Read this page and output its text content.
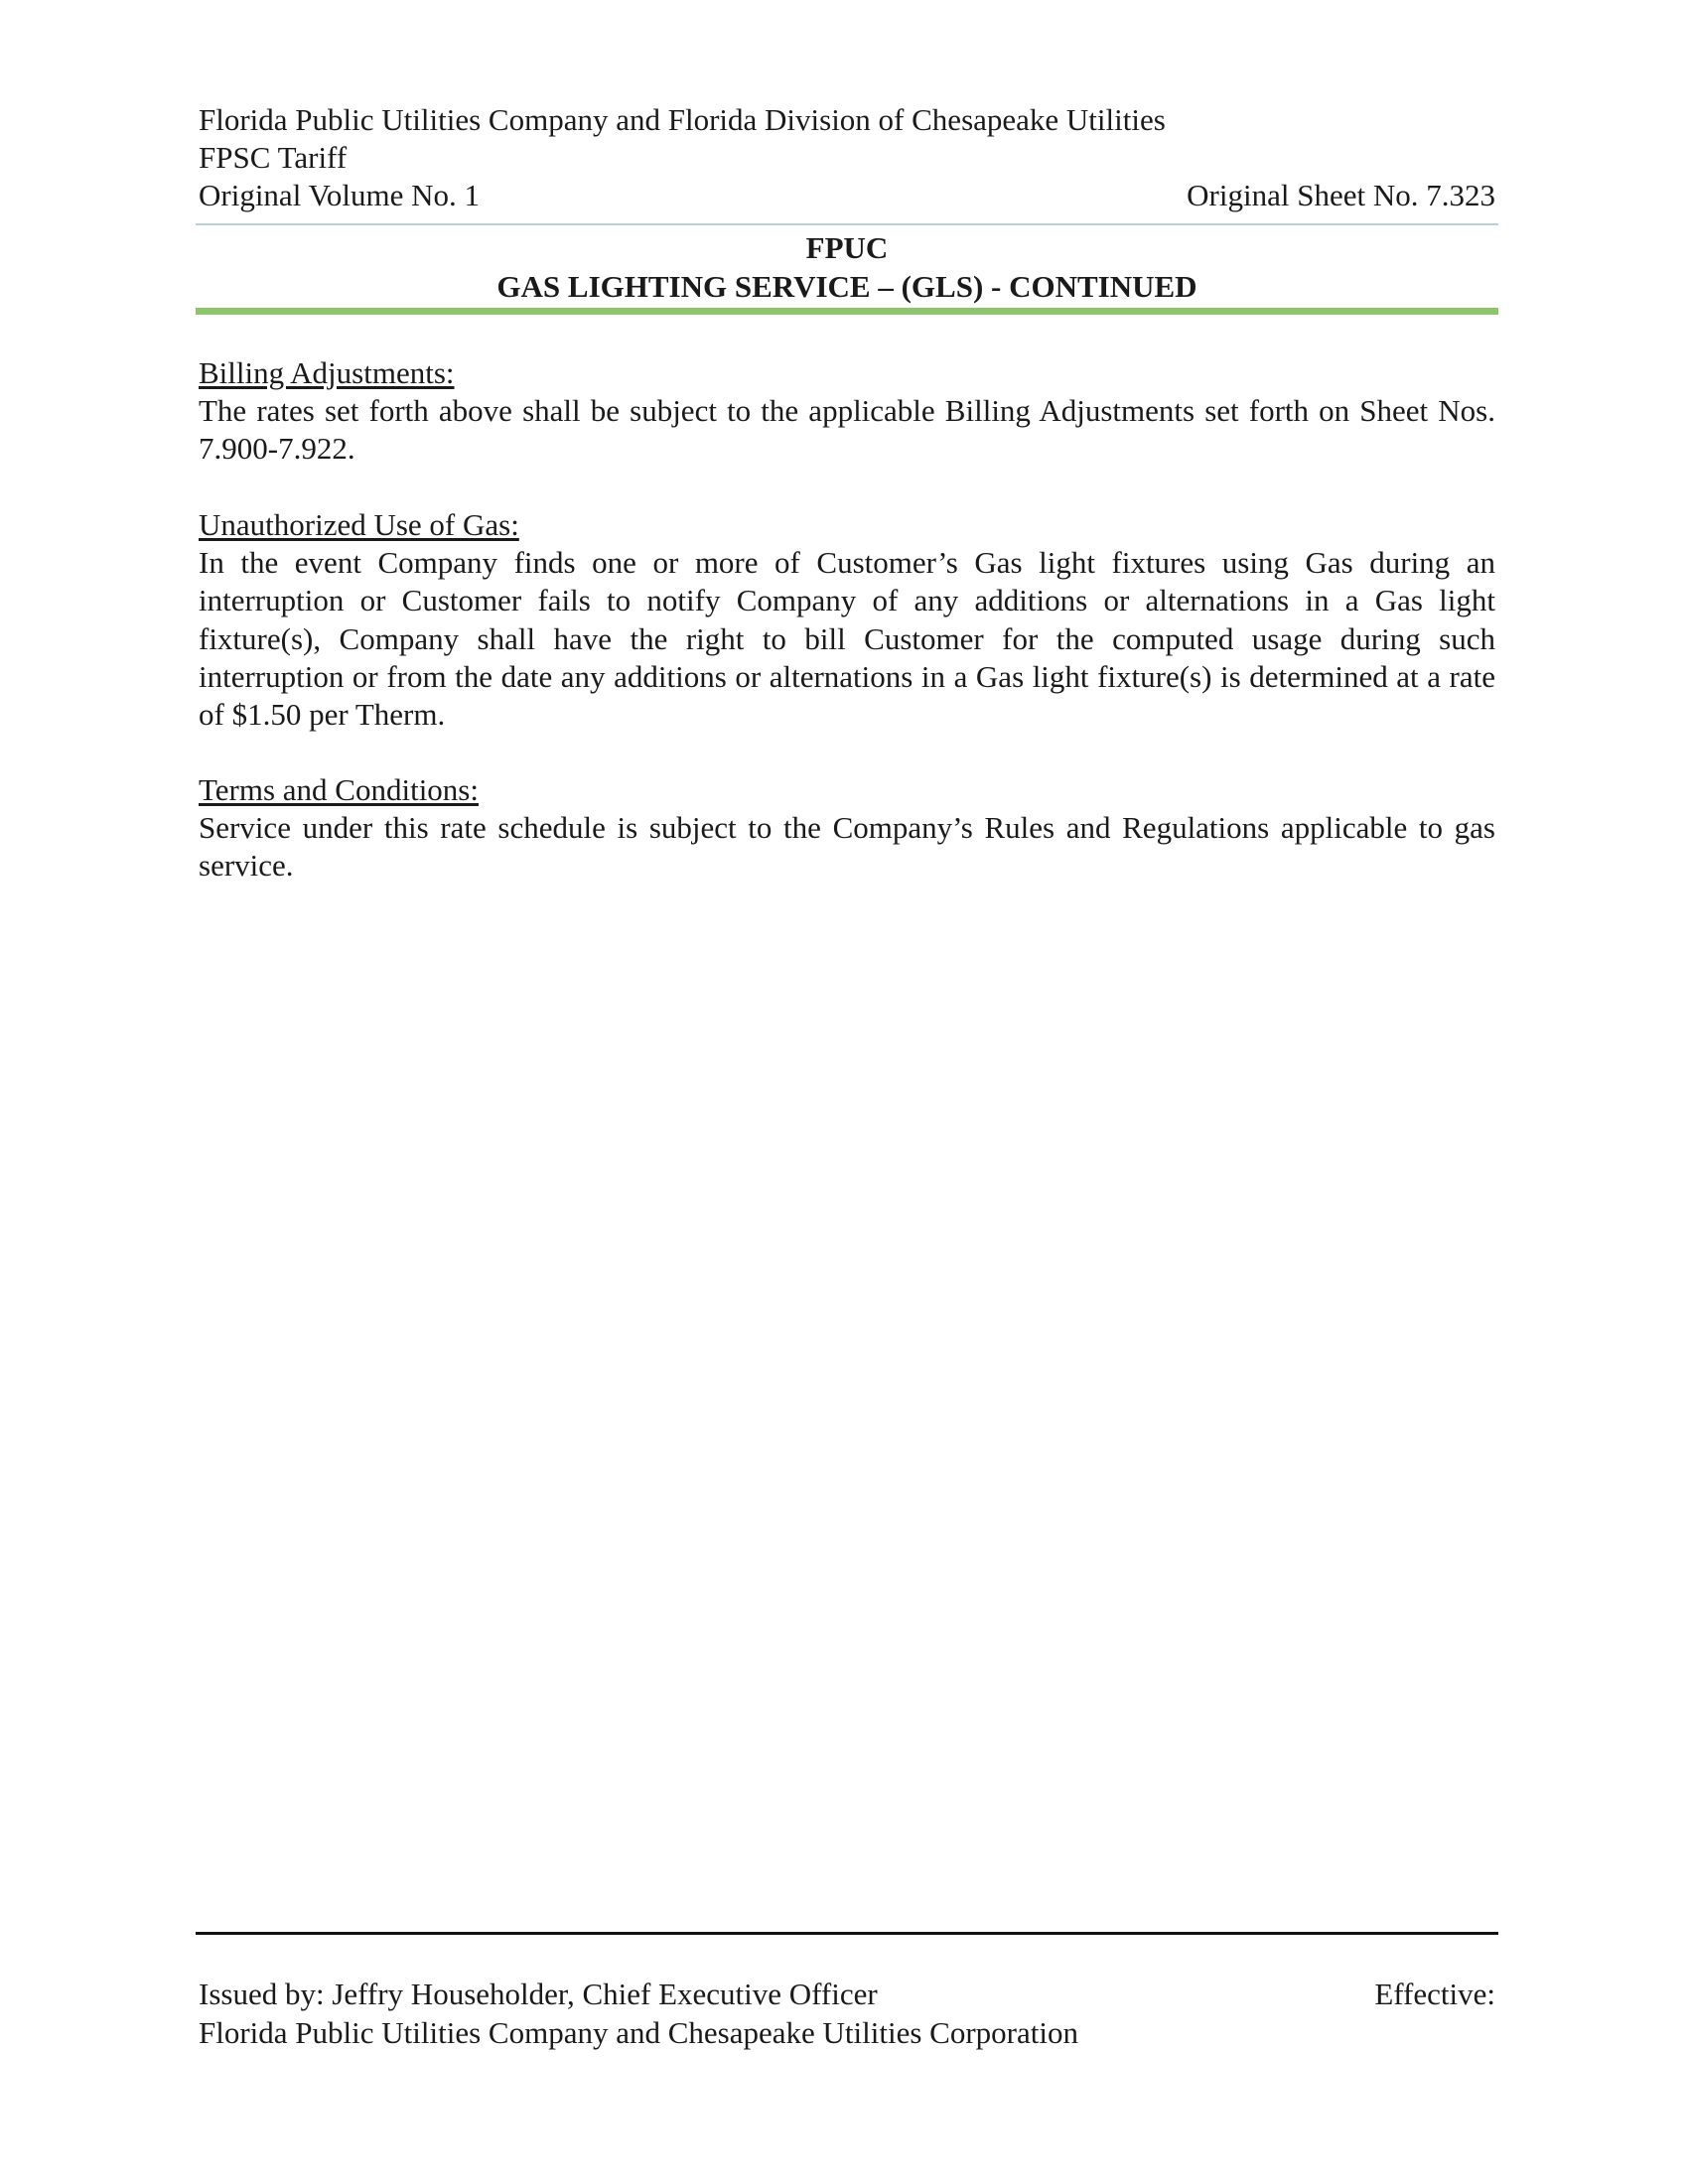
Florida Public Utilities Company and Florida Division of Chesapeake Utilities
FPSC Tariff
Original Volume No. 1	Original Sheet No. 7.323
FPUC
GAS LIGHTING SERVICE – (GLS) - CONTINUED
Billing Adjustments:
The rates set forth above shall be subject to the applicable Billing Adjustments set forth on Sheet Nos. 7.900-7.922.
Unauthorized Use of Gas:
In the event Company finds one or more of Customer’s Gas light fixtures using Gas during an interruption or Customer fails to notify Company of any additions or alternations in a Gas light fixture(s), Company shall have the right to bill Customer for the computed usage during such interruption or from the date any additions or alternations in a Gas light fixture(s) is determined at a rate of $1.50 per Therm.
Terms and Conditions:
Service under this rate schedule is subject to the Company’s Rules and Regulations applicable to gas service.
Issued by: Jeffry Householder, Chief Executive Officer	Effective:
Florida Public Utilities Company and Chesapeake Utilities Corporation
